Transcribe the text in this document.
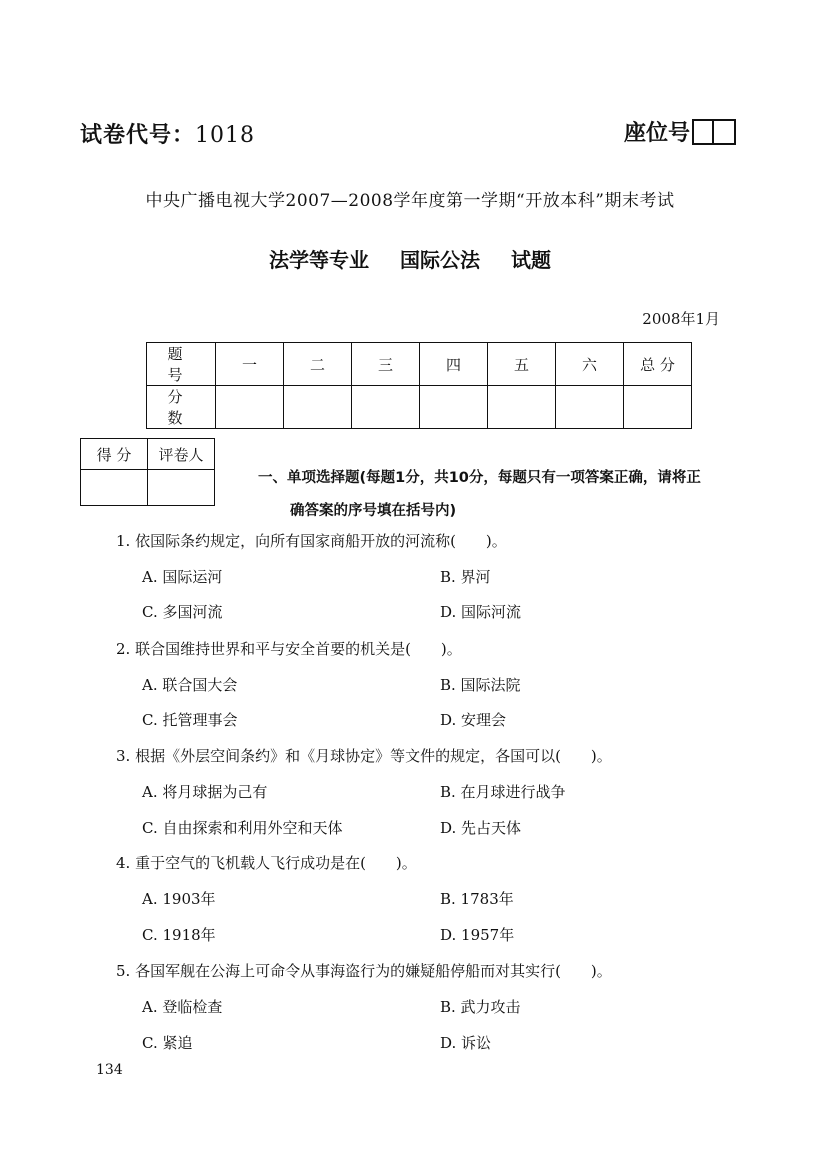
试卷代号：1018	座位号
中央广播电视大学2007—2008学年度第一学期“开放本科”期末考试
法学等专业 国际公法 试题
2008年1月
题 号	一	二	三	四	五	六	总 分
分 数							
得 分	评卷人

一、单项选择题(每题1分，共10分，每题只有一项答案正确，请将正
确答案的序号填在括号内)
1. 依国际条约规定，向所有国家商船开放的河流称(　　)。
A. 国际运河	B. 界河
C. 多国河流	D. 国际河流
2. 联合国维持世界和平与安全首要的机关是(　　)。
A. 联合国大会	B. 国际法院
C. 托管理事会	D. 安理会
3. 根据《外层空间条约》和《月球协定》等文件的规定，各国可以(　　)。
A. 将月球据为己有	B. 在月球进行战争
C. 自由探索和利用外空和天体	D. 先占天体
4. 重于空气的飞机载人飞行成功是在(　　)。
A. 1903年	B. 1783年
C. 1918年	D. 1957年
5. 各国军舰在公海上可命令从事海盗行为的嫌疑船停船而对其实行(　　)。
A. 登临检查	B. 武力攻击
C. 紧追	D. 诉讼
134
